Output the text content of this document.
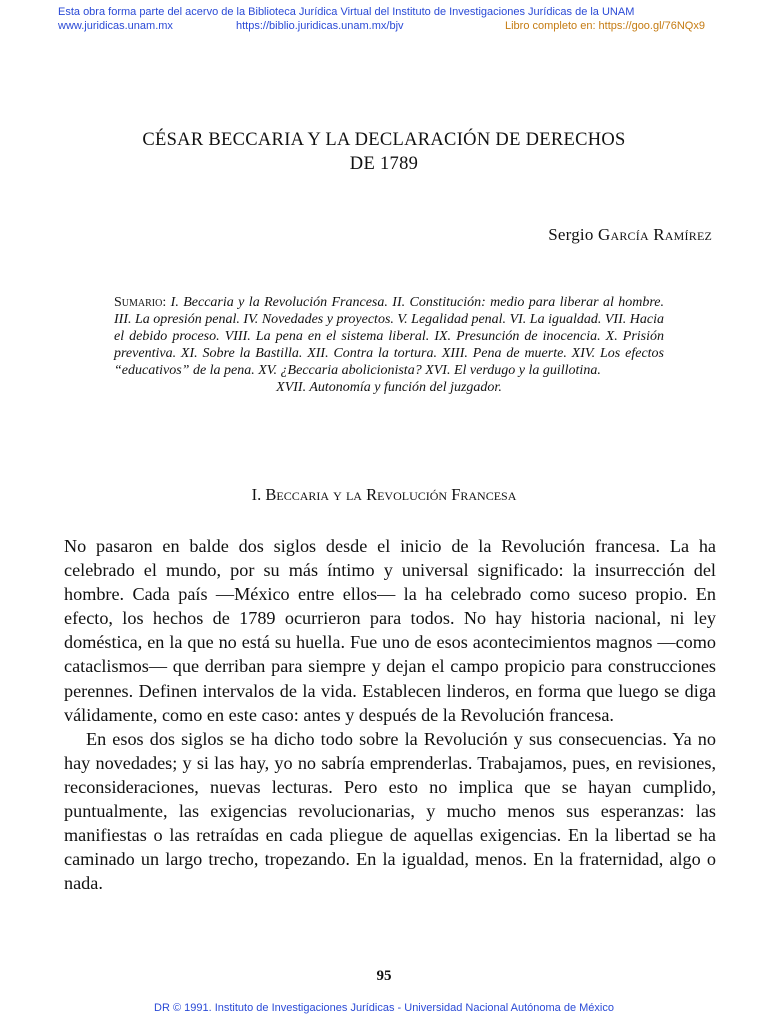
Esta obra forma parte del acervo de la Biblioteca Jurídica Virtual del Instituto de Investigaciones Jurídicas de la UNAM
www.juridicas.unam.mx	https://biblio.juridicas.unam.mx/bjv	Libro completo en: https://goo.gl/76NQx9
CÉSAR BECCARIA Y LA DECLARACIÓN DE DERECHOS
DE 1789
Sergio García Ramírez
Sumario: I. Beccaria y la Revolución Francesa. II. Constitución: medio para liberar al hombre. III. La opresión penal. IV. Novedades y proyectos. V. Legalidad penal. VI. La igualdad. VII. Hacia el debido proceso. VIII. La pena en el sistema liberal. IX. Presunción de inocencia. X. Prisión preventiva. XI. Sobre la Bastilla. XII. Contra la tortura. XIII. Pena de muerte. XIV. Los efectos “educativos” de la pena. XV. ¿Beccaria abolicionista? XVI. El verdugo y la guillotina.
XVII. Autonomía y función del juzgador.
I. Beccaria y la Revolución Francesa

No pasaron en balde dos siglos desde el inicio de la Revolución francesa. La ha celebrado el mundo, por su más íntimo y universal significado: la insurrección del hombre. Cada país —México entre ellos— la ha celebrado como suceso propio. En efecto, los hechos de 1789 ocurrieron para todos. No hay historia nacional, ni ley doméstica, en la que no está su huella. Fue uno de esos acontecimientos magnos —como cataclismos— que derriban para siempre y dejan el campo propicio para construcciones perennes. Definen intervalos de la vida. Establecen linderos, en forma que luego se diga válidamente, como en este caso: antes y después de la Revolución francesa.

En esos dos siglos se ha dicho todo sobre la Revolución y sus consecuencias. Ya no hay novedades; y si las hay, yo no sabría emprenderlas. Trabajamos, pues, en revisiones, reconsideraciones, nuevas lecturas. Pero esto no implica que se hayan cumplido, puntualmente, las exigencias revolucionarias, y mucho menos sus esperanzas: las manifiestas o las retraídas en cada pliegue de aquellas exigencias. En la libertad se ha caminado un largo trecho, tropezando. En la igualdad, menos. En la fraternidad, algo o nada.

95
DR © 1991. Instituto de Investigaciones Jurídicas - Universidad Nacional Autónoma de México
